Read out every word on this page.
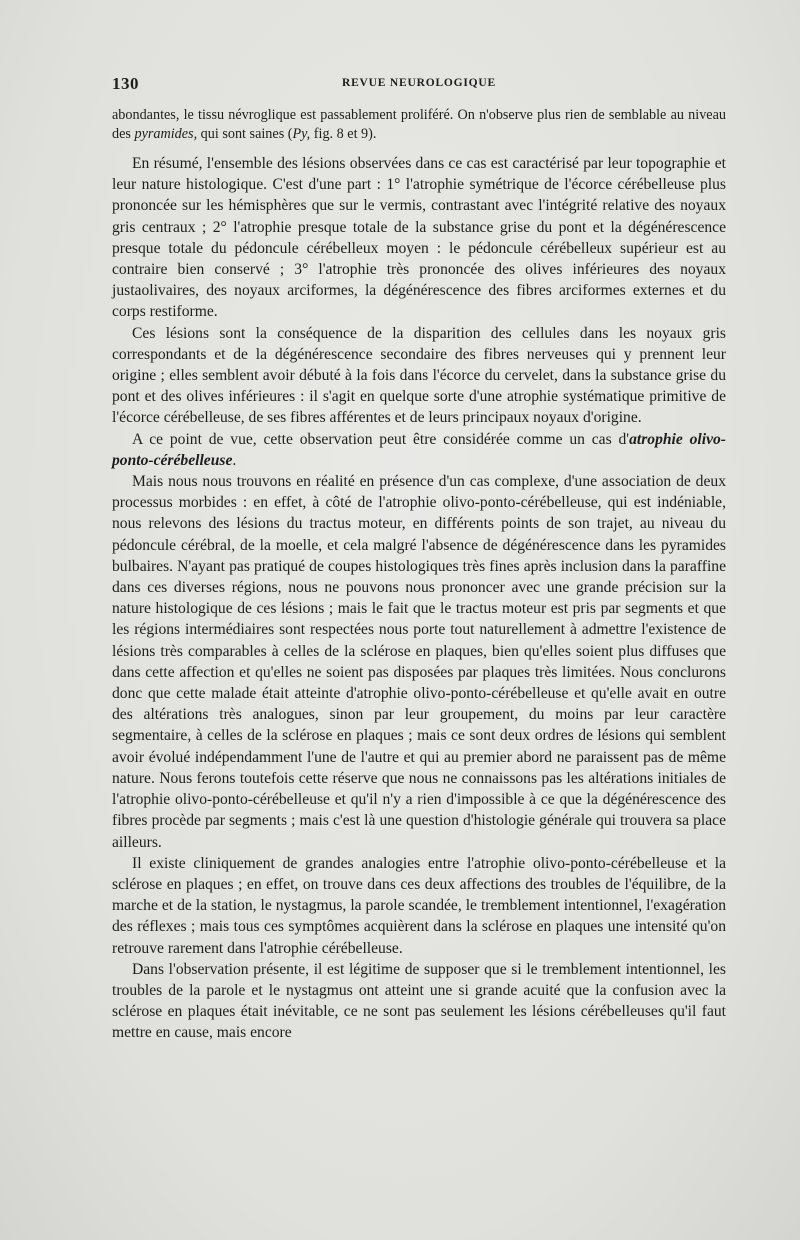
130	REVUE NEUROLOGIQUE

abondantes, le tissu névroglique est passablement proliféré. On n'observe plus rien de semblable au niveau des pyramides, qui sont saines (Py, fig. 8 et 9).

En résumé, l'ensemble des lésions observées dans ce cas est caractérisé par leur topographie et leur nature histologique. C'est d'une part : 1° l'atrophie symétrique de l'écorce cérébelleuse plus prononcée sur les hémisphères que sur le vermis, contrastant avec l'intégrité relative des noyaux gris centraux ; 2° l'atrophie presque totale de la substance grise du pont et la dégénérescence presque totale du pédoncule cérébelleux moyen : le pédoncule cérébelleux supérieur est au contraire bien conservé ; 3° l'atrophie très prononcée des olives inférieures des noyaux justaolivaires, des noyaux arciformes, la dégénérescence des fibres arciformes externes et du corps restiforme.

Ces lésions sont la conséquence de la disparition des cellules dans les noyaux gris correspondants et de la dégénérescence secondaire des fibres nerveuses qui y prennent leur origine ; elles semblent avoir débuté à la fois dans l'écorce du cervelet, dans la substance grise du pont et des olives inférieures : il s'agit en quelque sorte d'une atrophie systématique primitive de l'écorce cérébelleuse, de ses fibres afférentes et de leurs principaux noyaux d'origine.

A ce point de vue, cette observation peut être considérée comme un cas d'atrophie olivo-ponto-cérébelleuse.

Mais nous nous trouvons en réalité en présence d'un cas complexe, d'une association de deux processus morbides : en effet, à côté de l'atrophie olivo-ponto-cérébelleuse, qui est indéniable, nous relevons des lésions du tractus moteur, en différents points de son trajet, au niveau du pédoncule cérébral, de la moelle, et cela malgré l'absence de dégénérescence dans les pyramides bulbaires. N'ayant pas pratiqué de coupes histologiques très fines après inclusion dans la paraffine dans ces diverses régions, nous ne pouvons nous prononcer avec une grande précision sur la nature histologique de ces lésions ; mais le fait que le tractus moteur est pris par segments et que les régions intermédiaires sont respectées nous porte tout naturellement à admettre l'existence de lésions très comparables à celles de la sclérose en plaques, bien qu'elles soient plus diffuses que dans cette affection et qu'elles ne soient pas disposées par plaques très limitées. Nous conclurons donc que cette malade était atteinte d'atrophie olivo-ponto-cérébelleuse et qu'elle avait en outre des altérations très analogues, sinon par leur groupement, du moins par leur caractère segmentaire, à celles de la sclérose en plaques ; mais ce sont deux ordres de lésions qui semblent avoir évolué indépendamment l'une de l'autre et qui au premier abord ne paraissent pas de même nature. Nous ferons toutefois cette réserve que nous ne connaissons pas les altérations initiales de l'atrophie olivo-ponto-cérébelleuse et qu'il n'y a rien d'impossible à ce que la dégénérescence des fibres procède par segments ; mais c'est là une question d'histologie générale qui trouvera sa place ailleurs.

Il existe cliniquement de grandes analogies entre l'atrophie olivo-ponto-cérébelleuse et la sclérose en plaques ; en effet, on trouve dans ces deux affections des troubles de l'équilibre, de la marche et de la station, le nystagmus, la parole scandée, le tremblement intentionnel, l'exagération des réflexes ; mais tous ces symptômes acquièrent dans la sclérose en plaques une intensité qu'on retrouve rarement dans l'atrophie cérébelleuse.

Dans l'observation présente, il est légitime de supposer que si le tremblement intentionnel, les troubles de la parole et le nystagmus ont atteint une si grande acuité que la confusion avec la sclérose en plaques était inévitable, ce ne sont pas seulement les lésions cérébelleuses qu'il faut mettre en cause, mais encore
